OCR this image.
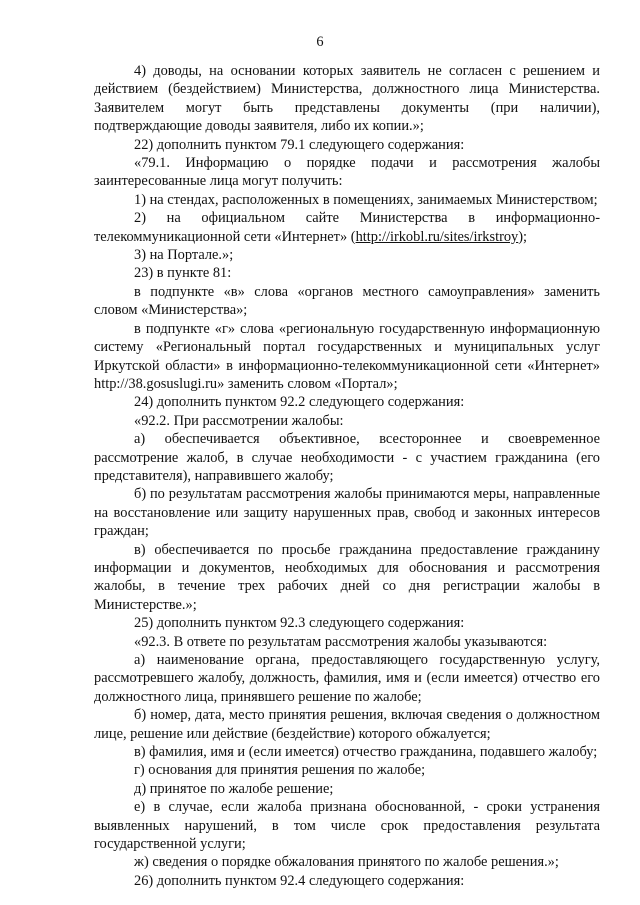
6

4) доводы, на основании которых заявитель не согласен с решением и действием (бездействием) Министерства, должностного лица Министерства. Заявителем могут быть представлены документы (при наличии), подтверждающие доводы заявителя, либо их копии.»;

22) дополнить пунктом 79.1 следующего содержания:

«79.1. Информацию о порядке подачи и рассмотрения жалобы заинтересованные лица могут получить:

1) на стендах, расположенных в помещениях, занимаемых Министерством;

2) на официальном сайте Министерства в информационно-телекоммуникационной сети «Интернет» (http://irkobl.ru/sites/irkstroy);

3) на Портале.»;

23) в пункте 81:

в подпункте «в» слова «органов местного самоуправления» заменить словом «Министерства»;

в подпункте «г» слова «региональную государственную информационную систему «Региональный портал государственных и муниципальных услуг Иркутской области» в информационно-телекоммуникационной сети «Интернет» http://38.gosuslugi.ru» заменить словом «Портал»;

24) дополнить пунктом 92.2 следующего содержания:

«92.2. При рассмотрении жалобы:

а) обеспечивается объективное, всестороннее и своевременное рассмотрение жалоб, в случае необходимости - с участием гражданина (его представителя), направившего жалобу;

б) по результатам рассмотрения жалобы принимаются меры, направленные на восстановление или защиту нарушенных прав, свобод и законных интересов граждан;

в) обеспечивается по просьбе гражданина предоставление гражданину информации и документов, необходимых для обоснования и рассмотрения жалобы, в течение трех рабочих дней со дня регистрации жалобы в Министерстве.»;

25) дополнить пунктом 92.3 следующего содержания:

«92.3. В ответе по результатам рассмотрения жалобы указываются:

а) наименование органа, предоставляющего государственную услугу, рассмотревшего жалобу, должность, фамилия, имя и (если имеется) отчество его должностного лица, принявшего решение по жалобе;

б) номер, дата, место принятия решения, включая сведения о должностном лице, решение или действие (бездействие) которого обжалуется;

в) фамилия, имя и (если имеется) отчество гражданина, подавшего жалобу;

г) основания для принятия решения по жалобе;

д) принятое по жалобе решение;

е) в случае, если жалоба признана обоснованной, - сроки устранения выявленных нарушений, в том числе срок предоставления результата государственной услуги;

ж) сведения о порядке обжалования принятого по жалобе решения.»;

26) дополнить пунктом 92.4 следующего содержания:
